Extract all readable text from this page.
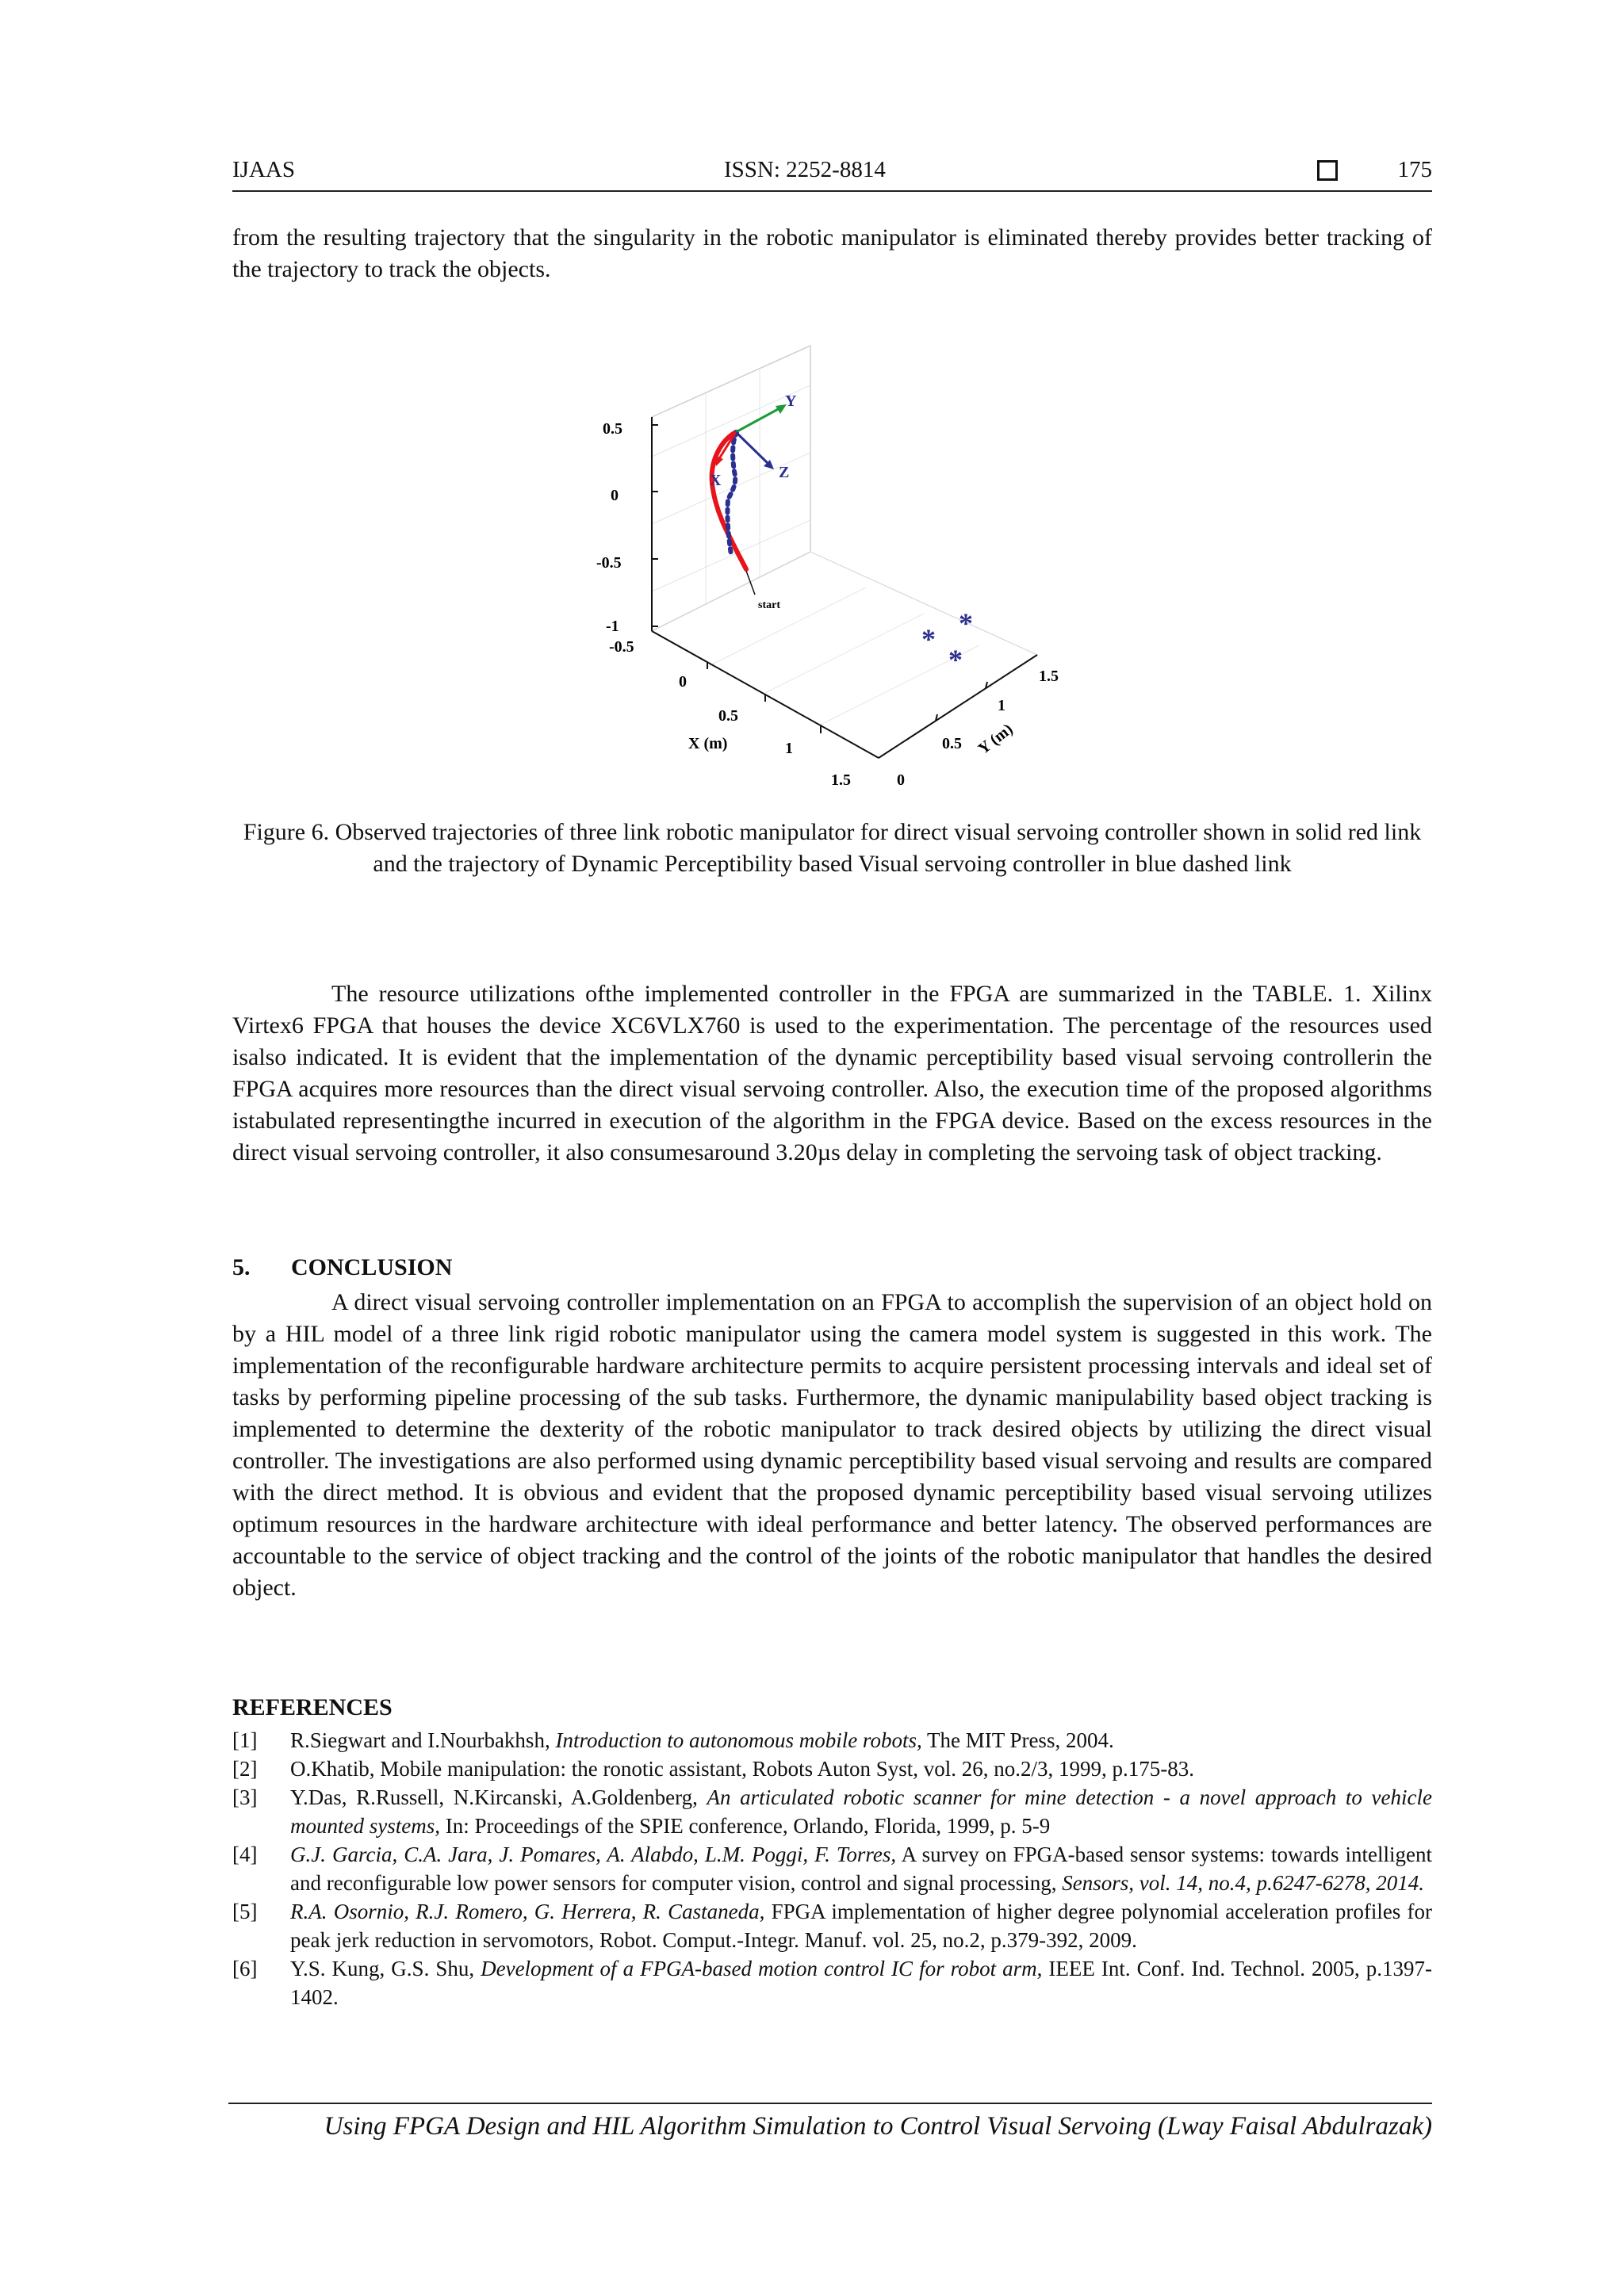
IJAAS	ISSN: 2252-8814	175

from the resulting trajectory that the singularity in the robotic manipulator is eliminated thereby provides better tracking of the trajectory to track the objects.

0.5
0
-0.5
-1
-0.5
0
0.5
1
1.5
X (m)
0
0.5
1
1.5
Y (m)
Y
X	Z
start
*
*
*

Figure 6. Observed trajectories of three link robotic manipulator for direct visual servoing controller shown in solid red link and the trajectory of Dynamic Perceptibility based Visual servoing controller in blue dashed link

The resource utilizations ofthe implemented controller in the FPGA are summarized in the TABLE. 1. Xilinx Virtex6 FPGA that houses the device XC6VLX760 is used to the experimentation. The percentage of the resources used isalso indicated. It is evident that the implementation of the dynamic perceptibility based visual servoing controllerin the FPGA acquires more resources than the direct visual servoing controller. Also, the execution time of the proposed algorithms istabulated representingthe incurred in execution of the algorithm in the FPGA device. Based on the excess resources in the direct visual servoing controller, it also consumesaround 3.20µs delay in completing the servoing task of object tracking.

5. CONCLUSION

A direct visual servoing controller implementation on an FPGA to accomplish the supervision of an object hold on by a HIL model of a three link rigid robotic manipulator using the camera model system is suggested in this work. The implementation of the reconfigurable hardware architecture permits to acquire persistent processing intervals and ideal set of tasks by performing pipeline processing of the sub tasks. Furthermore, the dynamic manipulability based object tracking is implemented to determine the dexterity of the robotic manipulator to track desired objects by utilizing the direct visual controller. The investigations are also performed using dynamic perceptibility based visual servoing and results are compared with the direct method. It is obvious and evident that the proposed dynamic perceptibility based visual servoing utilizes optimum resources in the hardware architecture with ideal performance and better latency. The observed performances are accountable to the service of object tracking and the control of the joints of the robotic manipulator that handles the desired object.

REFERENCES

[1] R.Siegwart and I.Nourbakhsh, Introduction to autonomous mobile robots, The MIT Press, 2004.

[2] O.Khatib, Mobile manipulation: the ronotic assistant, Robots Auton Syst, vol. 26, no.2/3, 1999, p.175-83.

[3] Y.Das, R.Russell, N.Kircanski, A.Goldenberg, An articulated robotic scanner for mine detection - a novel approach to vehicle mounted systems, In: Proceedings of the SPIE conference, Orlando, Florida, 1999, p. 5-9

[4] G.J. Garcia, C.A. Jara, J. Pomares, A. Alabdo, L.M. Poggi, F. Torres, A survey on FPGA-based sensor systems: towards intelligent and reconfigurable low power sensors for computer vision, control and signal processing, Sensors, vol. 14, no.4, p.6247-6278, 2014.

[5] R.A. Osornio, R.J. Romero, G. Herrera, R. Castaneda, FPGA implementation of higher degree polynomial acceleration profiles for peak jerk reduction in servomotors, Robot. Comput.-Integr. Manuf. vol. 25, no.2, p.379-392, 2009.

[6] Y.S. Kung, G.S. Shu, Development of a FPGA-based motion control IC for robot arm, IEEE Int. Conf. Ind. Technol. 2005, p.1397-1402.

Using FPGA Design and HIL Algorithm Simulation to Control Visual Servoing (Lway Faisal Abdulrazak)
